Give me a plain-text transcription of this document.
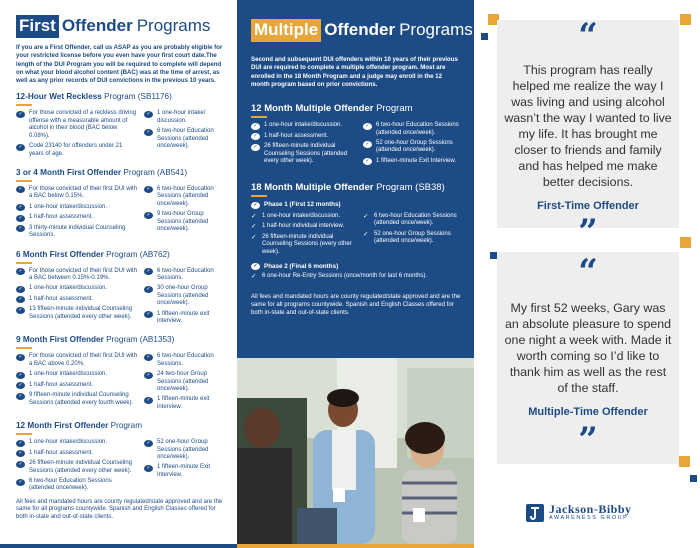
First Offender Programs

If you are a First Offender, call us ASAP as you are probably eligible for your restricted license before you even have your first court date.The length of the DUI Program you will be required to complete will depend on what your blood alcohol content (BAC) was at the time of arrest, as well as any prior records of DUI convictions in the previous 10 years.

12-Hour Wet Reckless Program (SB1176)
✓	For those convicted of a reckless driving offense with a measurable amount of alcohol in their blood (BAC below 0.08%).
✓	Code 23140 for offenders under 21 years of age.
✓	1 one-hour intake/ discussion.
✓	6 two-hour Education Sessions (attended once/week).
3 or 4 Month First Offender Program (AB541)
✓	For those convicted of their first DUI with a BAC below 0.15%.
✓	1 one-hour intake/discussion.
✓	1 half-hour assessment.
✓	3 thirty-minute individual Counseling Sessions.
✓	6 two-hour Education Sessions (attended once/week).
✓	9 two-hour Group Sessions (attended once/week).
6 Month First Offender Program (AB762)
✓	For those convicted of their first DUI with a BAC between 0.15%-0.19%.
✓	1 one-hour intake/discussion.
✓	1 half-hour assessment.
✓	13 fifteen-minute individual Counseling Sessions (attended every other week).
✓	6 two-hour Education Sessions.
✓	30 one-hour Group Sessions (attended once/week).
✓	1 fifteen-minute exit interview.
9 Month First Offender Program (AB1353)
✓	For those convicted of their first DUI with a BAC above 0.20%.
✓	1 one-hour intake/discussion.
✓	1 half-hour assessment.
✓	9 fifteen-minute individual Counseling Sessions (attended every fourth week).
✓	6 two-hour Education Sessions.
✓	24 two-hour Group Sessions (attended once/week).
✓	1 fifteen-minute exit interview.
12 Month First Offender Program
✓	1 one-hour intake/discussion.
✓	1 half-hour assessment.
✓	26 fifteen-minute individual Counseling Sessions (attended every other week).
✓	6 two-hour Education Sessions (attended once/week).
✓	52 one-hour Group Sessions (attended once/week).
✓	1 fifteen-minute Exit Interview.

All fees and mandated hours are county regulated/state approved and are the same for all programs countywide. Spanish and English Classes offered for both in-state and out-of-state clients.

Multiple Offender Programs

Second and subsequent DUI offenders within 10 years of their previous DUI are required to complete a multiple offender program. Most are enrolled in the 18 Month Program and a judge may enroll in the 12 month program based on prior convictions.

12 Month Multiple Offender Program
✓	1 one-hour intake/discussion.
✓	1 half-hour assessment.
✓	26 fifteen-minute individual Counseling Sessions (attended every other week).
✓	6 two-hour Education Sessions (attended once/week).
✓	52 one-hour Group Sessions (attended once/week).
✓	1 fifteen-minute Exit Interview.
18 Month Multiple Offender Program (SB38)
✓	Phase 1 (First 12 months)
✓ 1 one-hour intake/discussion.
✓ 1 half-hour individual interview.
✓ 26 fifteen-minute individual Counseling Sessions (every other week).
✓ 6 two-hour Education Sessions (attended once/week).
✓ 52 one-hour Group Sessions (attended once/week).
✓	Phase 2 (Final 6 months)
✓ 6 one-hour Re-Entry Sessions (once/month for last 6 months).

All fees and mandated hours are county regulated/state approved and are the same for all programs countywide. Spanish and English Classes offered for both in-state and out-of-state clients.

“

This program has really helped me realize the way I was living and using alcohol wasn’t the way I wanted to live my life. It has brought me closer to friends and family and has helped me make better decisions.

First-Time Offender

”
“

My first 52 weeks, Gary was an absolute pleasure to spend one night a week with. Made it worth coming so I’d like to thank him as well as the rest of the staff.

Multiple-Time Offender

”
Jackson-Bibby
AWARENESS GROUP
